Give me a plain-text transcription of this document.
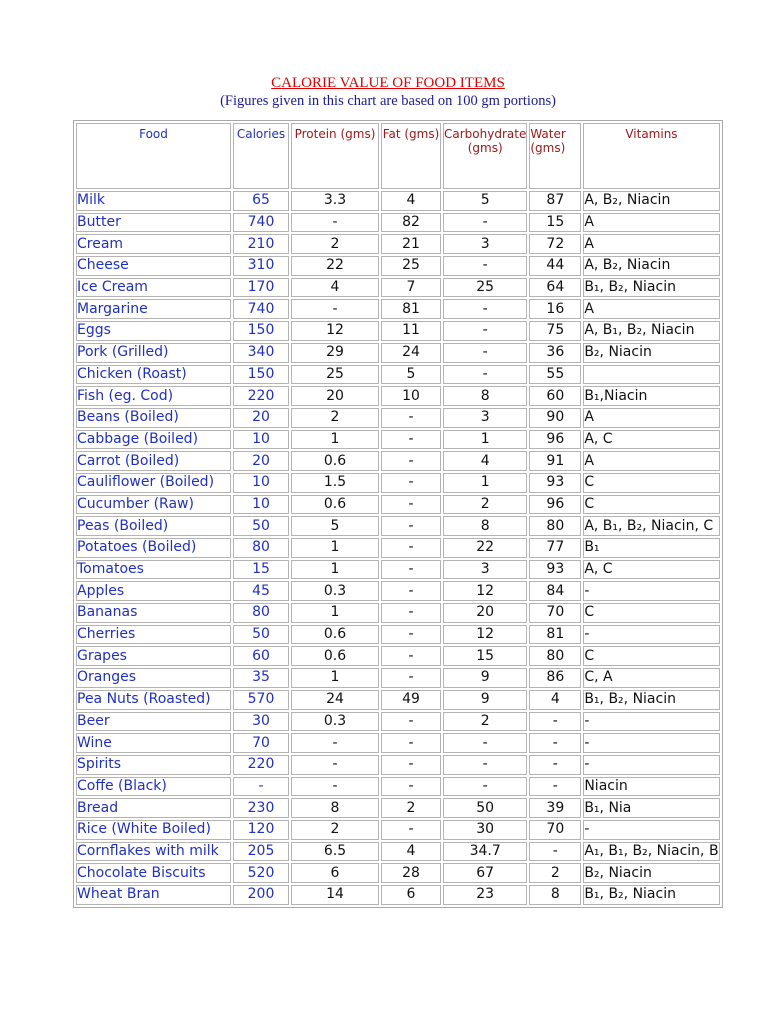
CALORIE VALUE OF FOOD ITEMS
(Figures given in this chart are based on 100 gm portions)
Food	Calories	Protein (gms)	Fat (gms)	Carbohydrate (gms)	Water (gms)	Vitamins
Milk	65	3.3	4	5	87	A, B₂, Niacin
Butter	740	-	82	-	15	A
Cream	210	2	21	3	72	A
Cheese	310	22	25	-	44	A, B₂, Niacin
Ice Cream	170	4	7	25	64	B₁, B₂, Niacin
Margarine	740	-	81	-	16	A
Eggs	150	12	11	-	75	A, B₁, B₂, Niacin
Pork (Grilled)	340	29	24	-	36	B₂, Niacin
Chicken (Roast)	150	25	5	-	55	
Fish (eg. Cod)	220	20	10	8	60	B₁,Niacin
Beans (Boiled)	20	2	-	3	90	A
Cabbage (Boiled)	10	1	-	1	96	A, C
Carrot (Boiled)	20	0.6	-	4	91	A
Cauliflower (Boiled)	10	1.5	-	1	93	C
Cucumber (Raw)	10	0.6	-	2	96	C
Peas (Boiled)	50	5	-	8	80	A, B₁, B₂, Niacin, C
Potatoes (Boiled)	80	1	-	22	77	B₁
Tomatoes	15	1	-	3	93	A, C
Apples	45	0.3	-	12	84	-
Bananas	80	1	-	20	70	C
Cherries	50	0.6	-	12	81	-
Grapes	60	0.6	-	15	80	C
Oranges	35	1	-	9	86	C, A
Pea Nuts (Roasted)	570	24	49	9	4	B₁, B₂, Niacin
Beer	30	0.3	-	2	-	-
Wine	70	-	-	-	-	-
Spirits	220	-	-	-	-	-
Coffe (Black)	-	-	-	-	-	Niacin
Bread	230	8	2	50	39	B₁, Nia
Rice (White Boiled)	120	2	-	30	70	-
Cornflakes with milk	205	6.5	4	34.7	-	A₁, B₁, B₂, Niacin, B
Chocolate Biscuits	520	6	28	67	2	B₂, Niacin
Wheat Bran	200	14	6	23	8	B₁, B₂, Niacin
